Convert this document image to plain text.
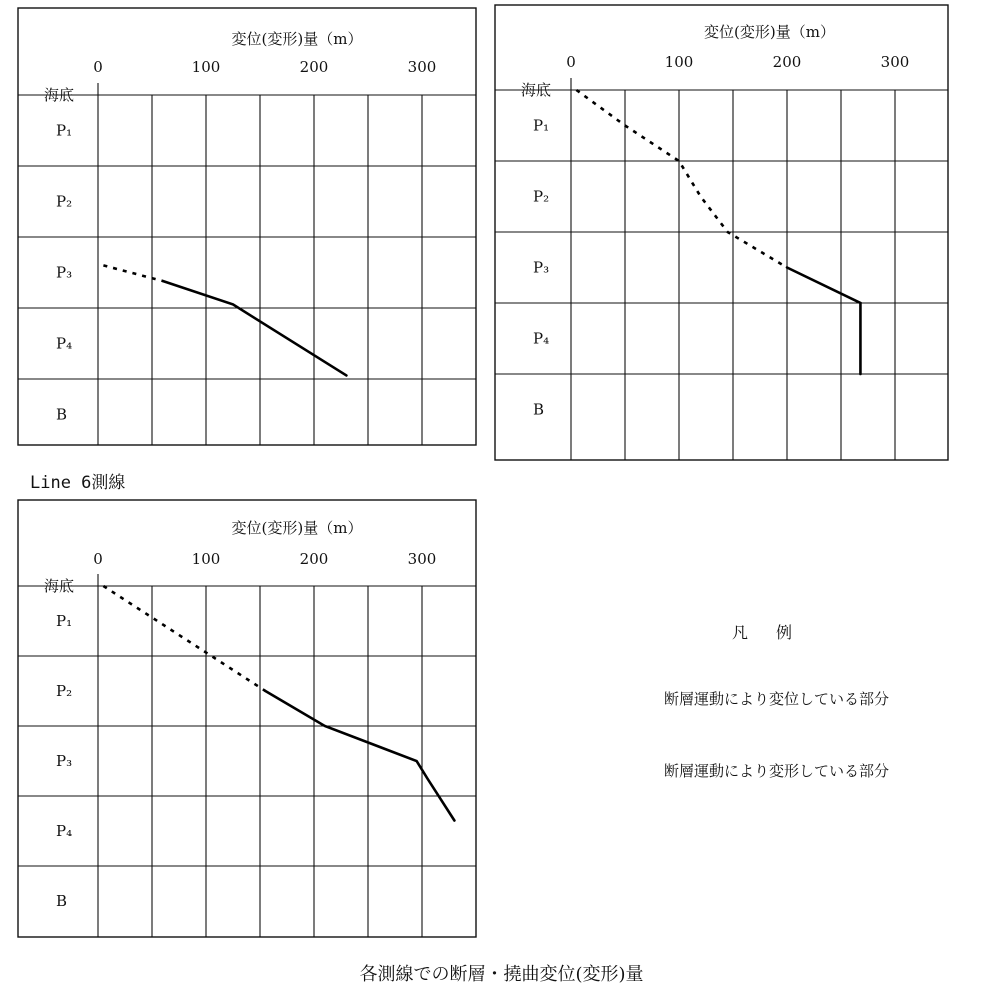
変位(変形)量（m）
0	100	200	300
海底
P₁
P₂
P₃
P₄
B
変位(変形)量（m）
0	100	200	300
海底
P₁
P₂
P₃
P₄
B
Line 6測線
変位(変形)量（m）
0	100	200	300
海底
P₁
P₂
P₃
P₄
B
凡例
断層運動により変位している部分
断層運動により変形している部分
各測線での断層・撓曲変位(変形)量
